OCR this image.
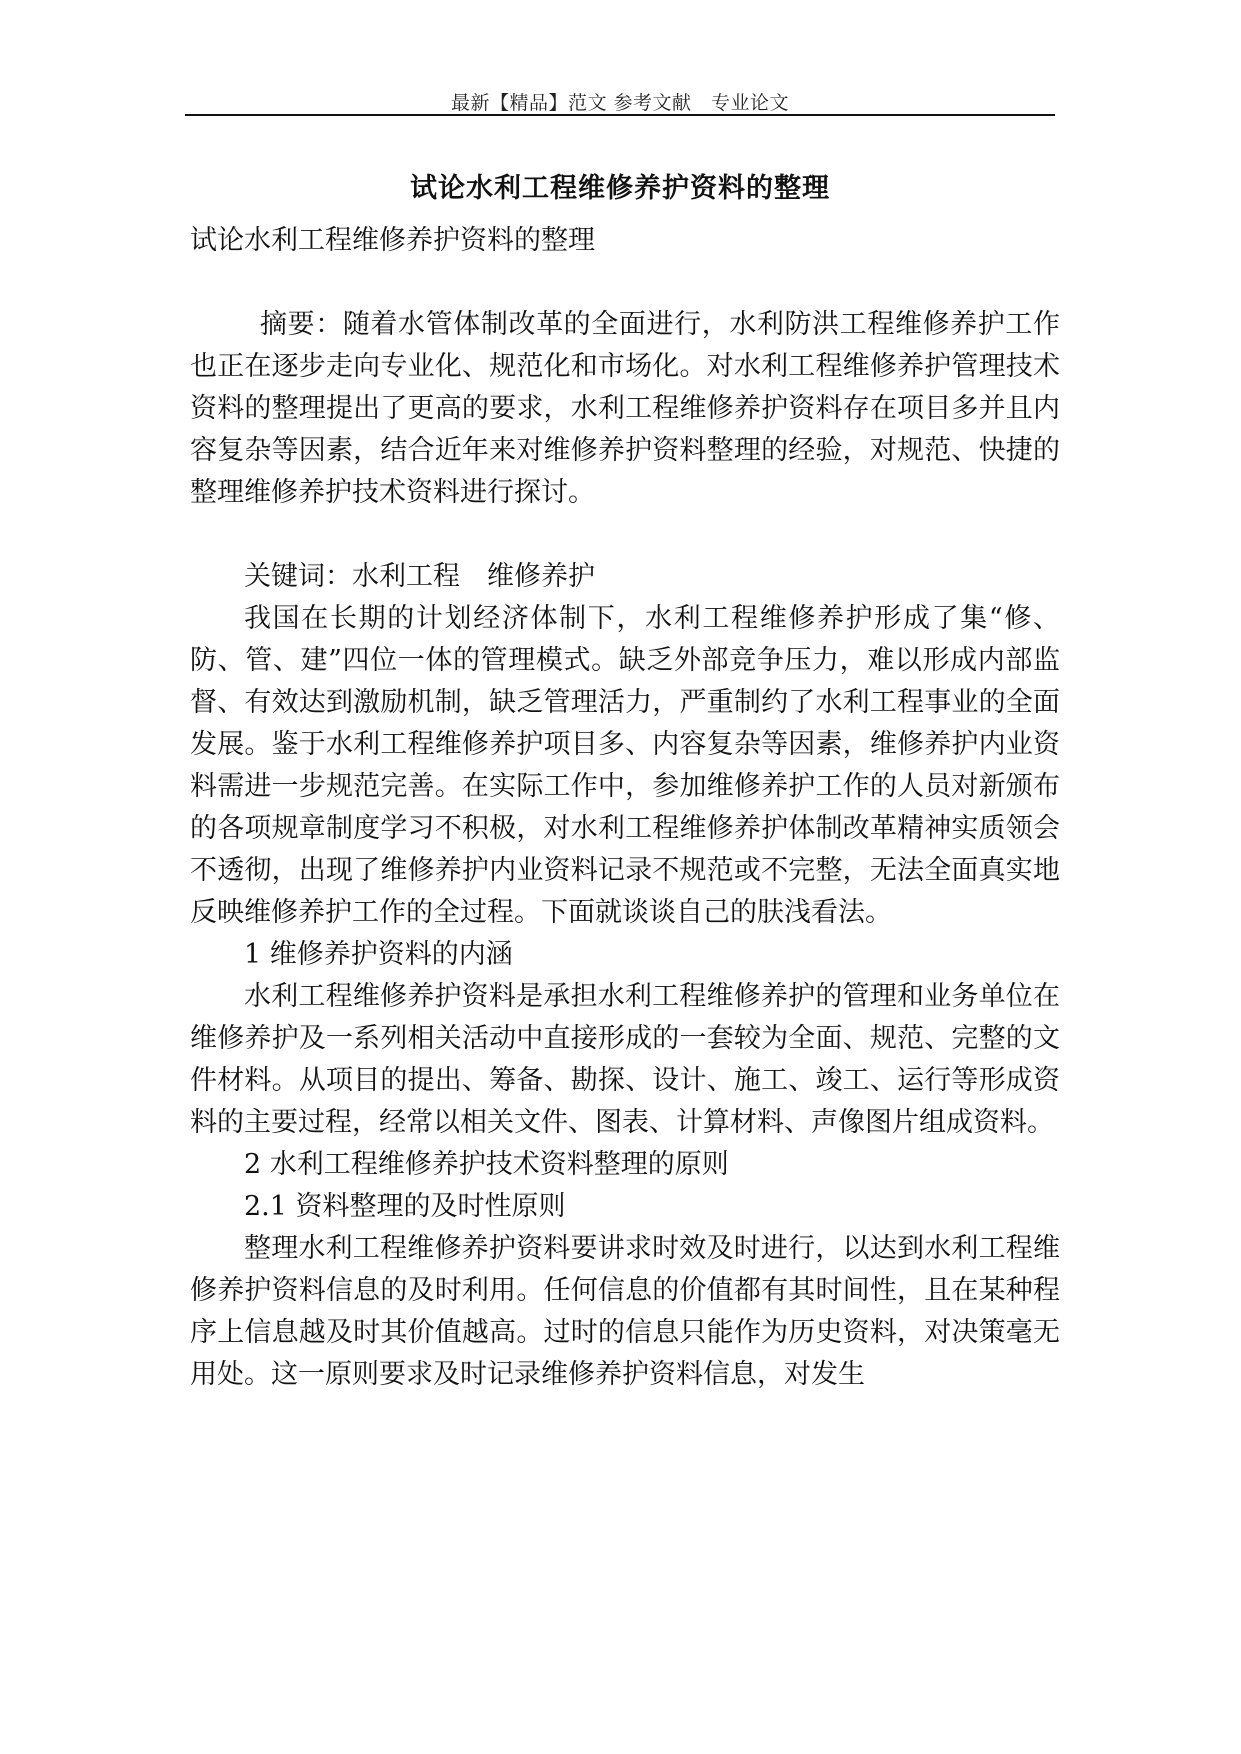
最新【精品】范文 参考文献　专业论文
试论水利工程维修养护资料的整理

试论水利工程维修养护资料的整理

摘要：随着水管体制改革的全面进行，水利防洪工程维修养护工作也正在逐步走向专业化、规范化和市场化。对水利工程维修养护管理技术资料的整理提出了更高的要求，水利工程维修养护资料存在项目多并且内容复杂等因素，结合近年来对维修养护资料整理的经验，对规范、快捷的整理维修养护技术资料进行探讨。

关键词：水利工程　维修养护

我国在长期的计划经济体制下，水利工程维修养护形成了集“修、防、管、建”四位一体的管理模式。缺乏外部竞争压力，难以形成内部监督、有效达到激励机制，缺乏管理活力，严重制约了水利工程事业的全面发展。鉴于水利工程维修养护项目多、内容复杂等因素，维修养护内业资料需进一步规范完善。在实际工作中，参加维修养护工作的人员对新颁布的各项规章制度学习不积极，对水利工程维修养护体制改革精神实质领会不透彻，出现了维修养护内业资料记录不规范或不完整，无法全面真实地反映维修养护工作的全过程。下面就谈谈自己的肤浅看法。

1 维修养护资料的内涵

水利工程维修养护资料是承担水利工程维修养护的管理和业务单位在维修养护及一系列相关活动中直接形成的一套较为全面、规范、完整的文件材料。从项目的提出、筹备、勘探、设计、施工、竣工、运行等形成资料的主要过程，经常以相关文件、图表、计算材料、声像图片组成资料。

2 水利工程维修养护技术资料整理的原则

2.1 资料整理的及时性原则

整理水利工程维修养护资料要讲求时效及时进行，以达到水利工程维修养护资料信息的及时利用。任何信息的价值都有其时间性，且在某种程序上信息越及时其价值越高。过时的信息只能作为历史资料，对决策毫无用处。这一原则要求及时记录维修养护资料信息，对发生
